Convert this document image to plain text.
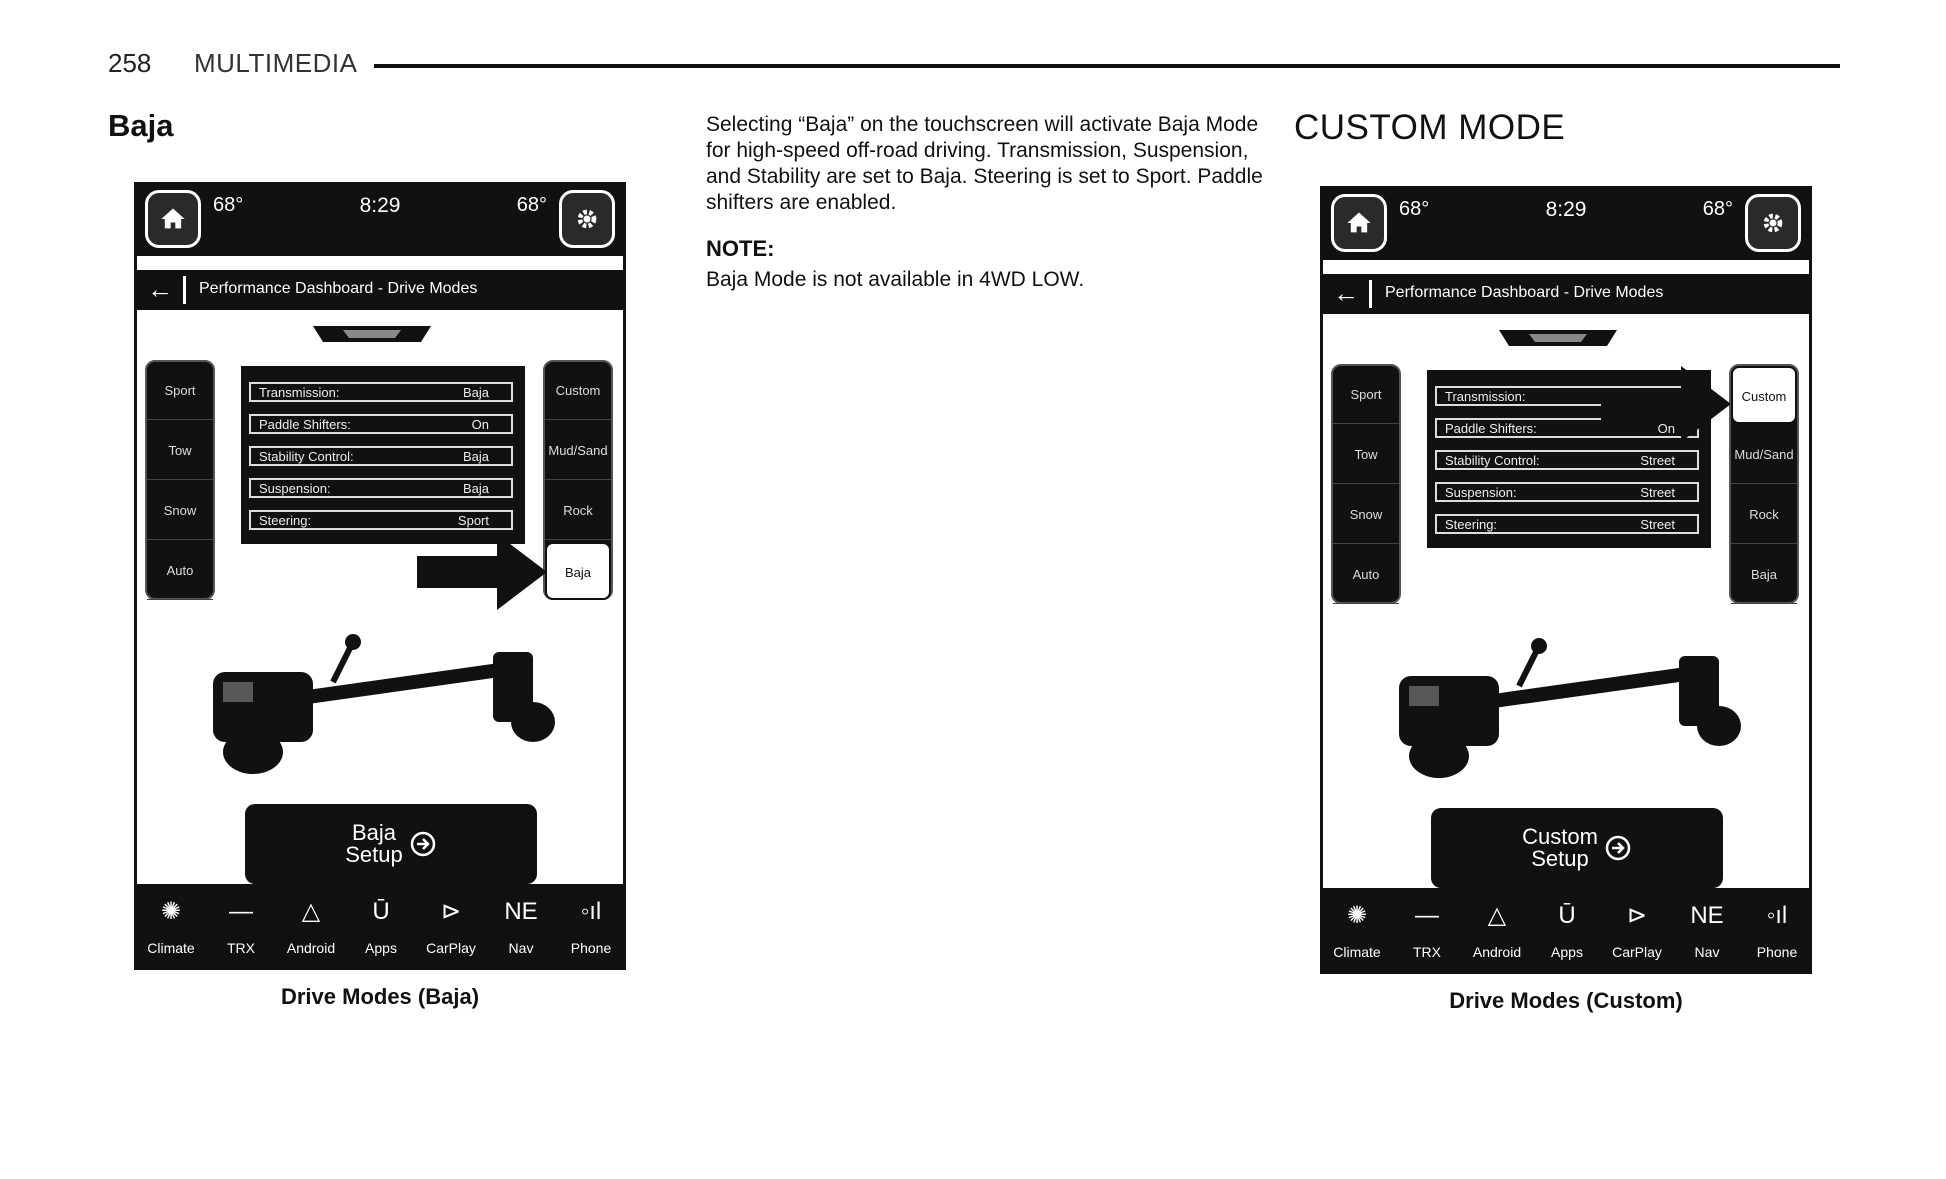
258 MULTIMEDIA
Baja	CUSTOM MODE
Selecting “Baja” on the touchscreen will activate Baja Mode for high-speed off-road driving. Transmission, Suspension, and Stability are set to Baja. Steering is set to Sport. Paddle shifters are enabled.
NOTE:
Baja Mode is not available in 4WD LOW.
68°	8:29	68°
← Performance Dashboard - Drive Modes
Sport
Tow
Snow
Auto
Transmission:	Baja
Paddle Shifters:	On
Stability Control:	Baja
Suspension:	Baja
Steering:	Sport
Custom
Mud/Sand
Rock
Baja
Baja
Setup
✺
Climate
—
TRX
△
Android
Ū
Apps
⊳
CarPlay
NE
Nav
◦ıl
Phone
Drive Modes (Baja)
68°	8:29	68°
← Performance Dashboard - Drive Modes
Sport
Tow
Snow
Auto
Transmission:
Paddle Shifters:	On
Stability Control:	Street
Suspension:	Street
Steering:	Street
Custom
Mud/Sand
Rock
Baja
Custom
Setup
✺
Climate
—
TRX
△
Android
Ū
Apps
⊳
CarPlay
NE
Nav
◦ıl
Phone
Drive Modes (Custom)
